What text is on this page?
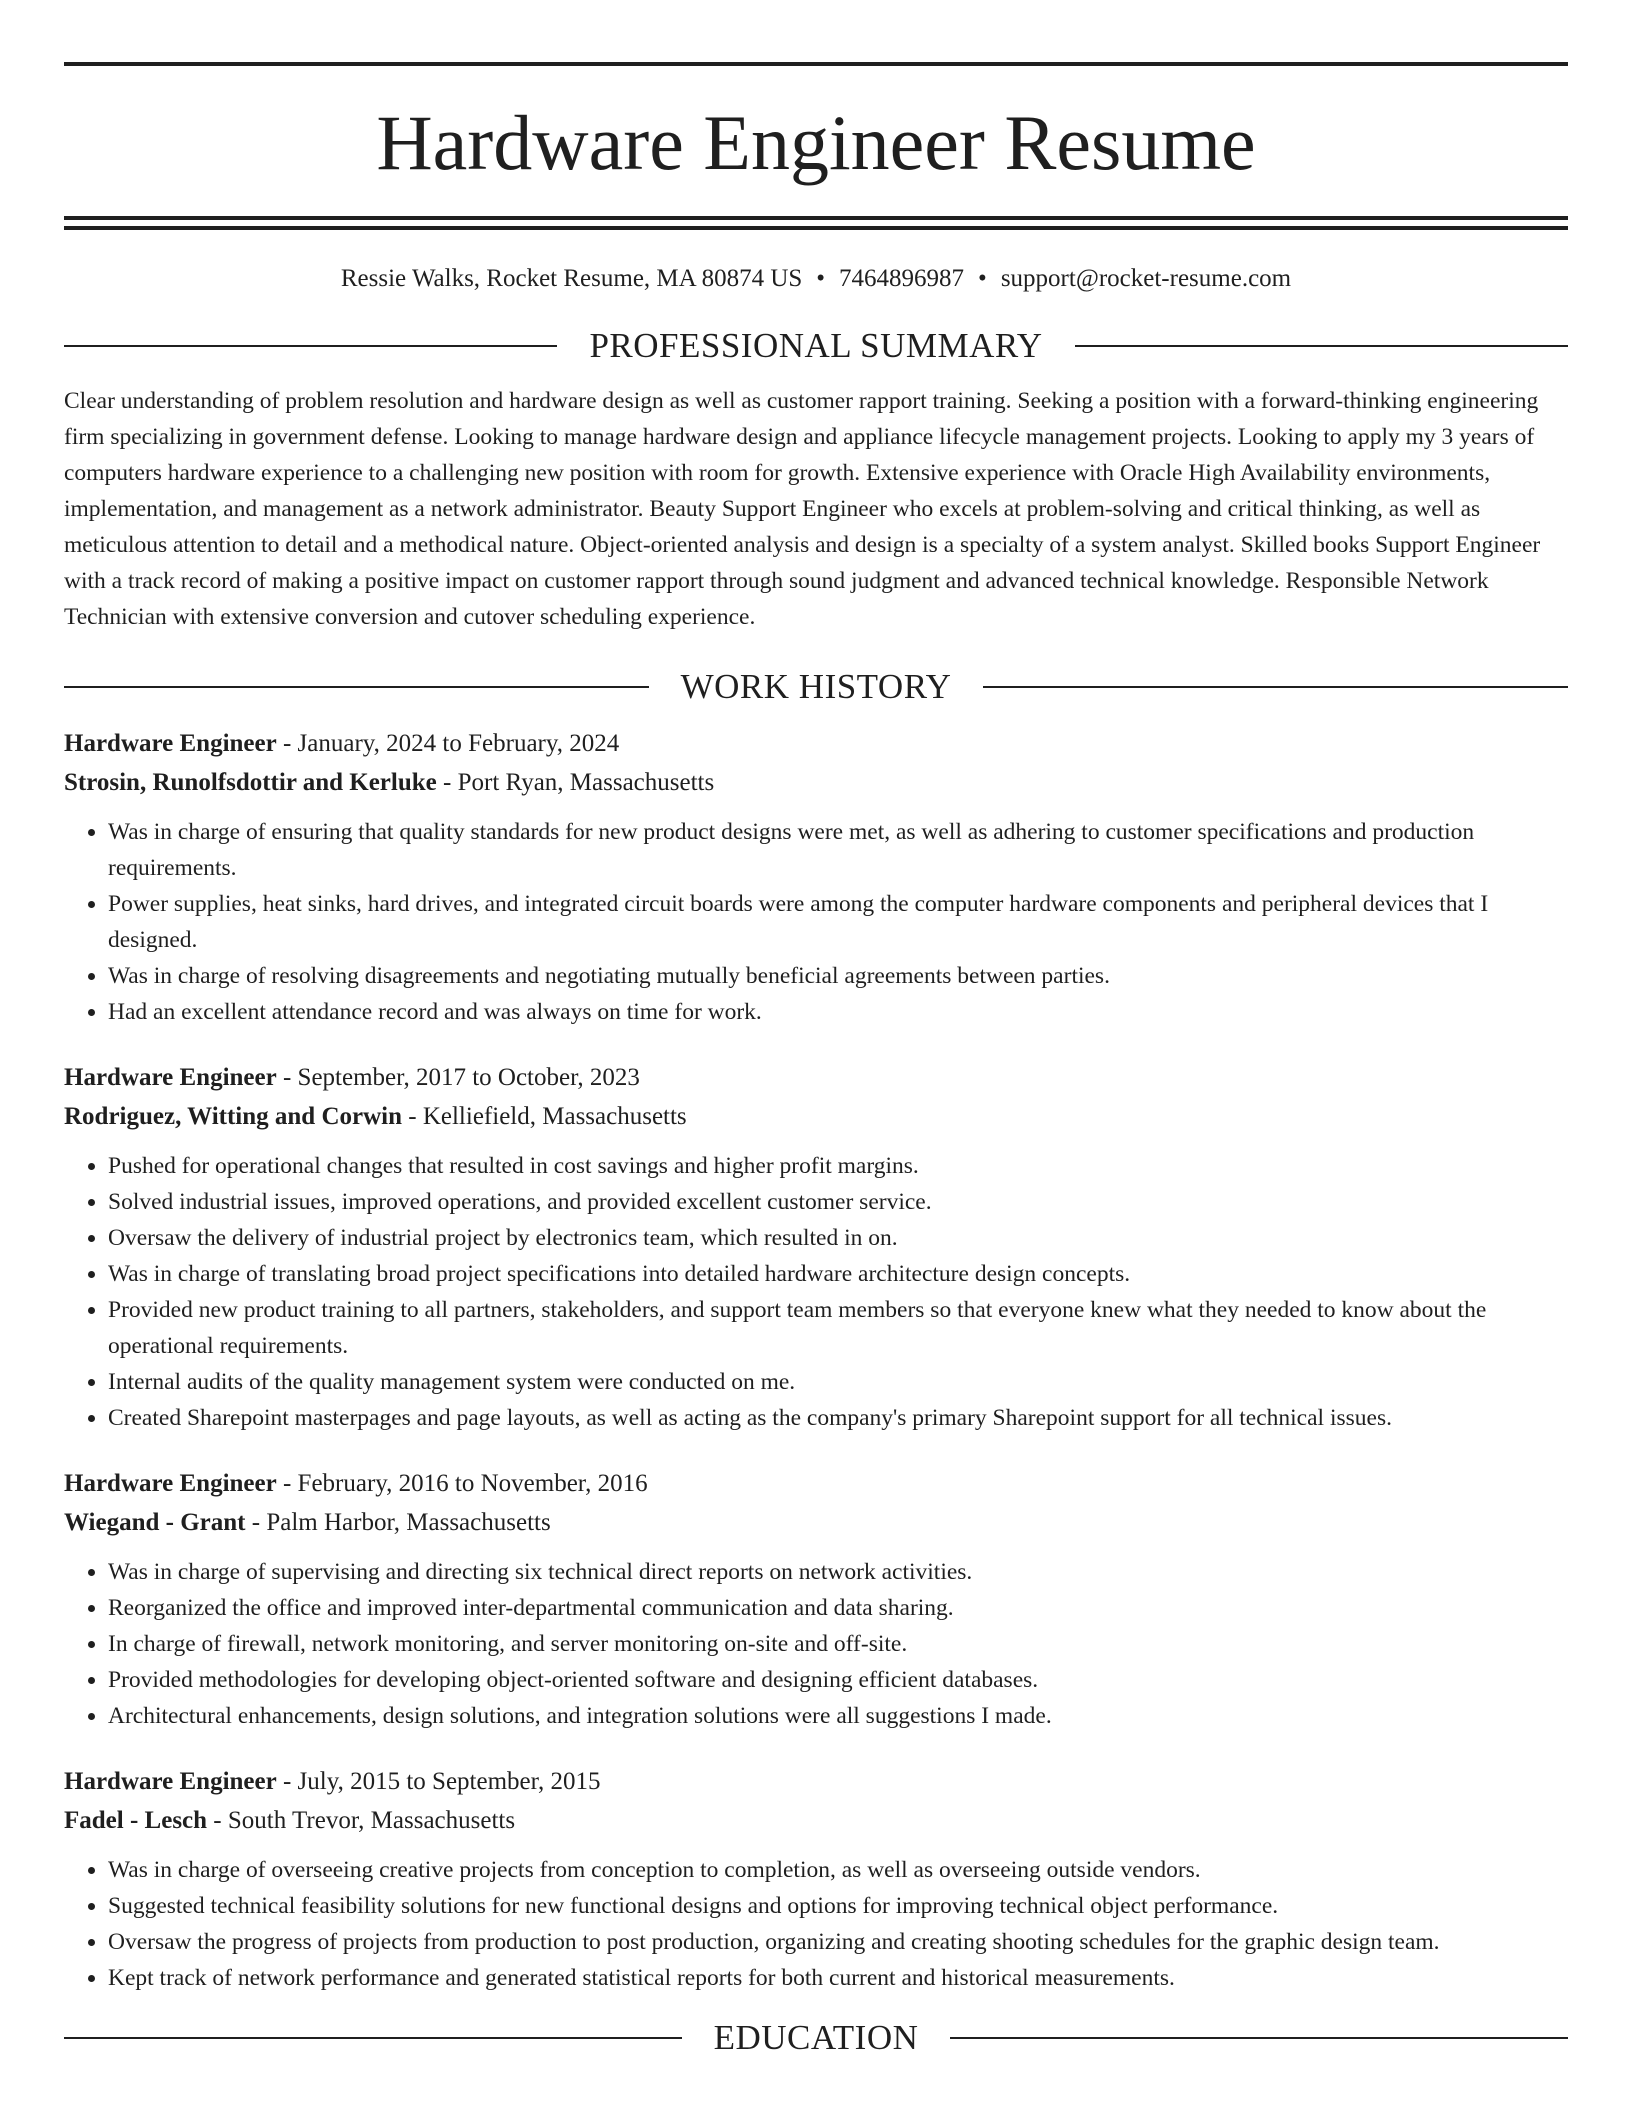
Hardware Engineer Resume
Ressie Walks, Rocket Resume, MA 80874 US • 7464896987 • support@rocket-resume.com
PROFESSIONAL SUMMARY

Clear understanding of problem resolution and hardware design as well as customer rapport training. Seeking a position with a forward-thinking engineering firm specializing in government defense. Looking to manage hardware design and appliance lifecycle management projects. Looking to apply my 3 years of computers hardware experience to a challenging new position with room for growth. Extensive experience with Oracle High Availability environments, implementation, and management as a network administrator. Beauty Support Engineer who excels at problem-solving and critical thinking, as well as meticulous attention to detail and a methodical nature. Object-oriented analysis and design is a specialty of a system analyst. Skilled books Support Engineer with a track record of making a positive impact on customer rapport through sound judgment and advanced technical knowledge. Responsible Network Technician with extensive conversion and cutover scheduling experience.

WORK HISTORY
Hardware Engineer - January, 2024 to February, 2024
Strosin, Runolfsdottir and Kerluke - Port Ryan, Massachusetts
• Was in charge of ensuring that quality standards for new product designs were met, as well as adhering to customer specifications and production requirements.
• Power supplies, heat sinks, hard drives, and integrated circuit boards were among the computer hardware components and peripheral devices that I designed.
• Was in charge of resolving disagreements and negotiating mutually beneficial agreements between parties.
• Had an excellent attendance record and was always on time for work.
Hardware Engineer - September, 2017 to October, 2023
Rodriguez, Witting and Corwin - Kelliefield, Massachusetts
• Pushed for operational changes that resulted in cost savings and higher profit margins.
• Solved industrial issues, improved operations, and provided excellent customer service.
• Oversaw the delivery of industrial project by electronics team, which resulted in on.
• Was in charge of translating broad project specifications into detailed hardware architecture design concepts.
• Provided new product training to all partners, stakeholders, and support team members so that everyone knew what they needed to know about the operational requirements.
• Internal audits of the quality management system were conducted on me.
• Created Sharepoint masterpages and page layouts, as well as acting as the company's primary Sharepoint support for all technical issues.
Hardware Engineer - February, 2016 to November, 2016
Wiegand - Grant - Palm Harbor, Massachusetts
• Was in charge of supervising and directing six technical direct reports on network activities.
• Reorganized the office and improved inter-departmental communication and data sharing.
• In charge of firewall, network monitoring, and server monitoring on-site and off-site.
• Provided methodologies for developing object-oriented software and designing efficient databases.
• Architectural enhancements, design solutions, and integration solutions were all suggestions I made.
Hardware Engineer - July, 2015 to September, 2015
Fadel - Lesch - South Trevor, Massachusetts
• Was in charge of overseeing creative projects from conception to completion, as well as overseeing outside vendors.
• Suggested technical feasibility solutions for new functional designs and options for improving technical object performance.
• Oversaw the progress of projects from production to post production, organizing and creating shooting schedules for the graphic design team.
• Kept track of network performance and generated statistical reports for both current and historical measurements.
EDUCATION
